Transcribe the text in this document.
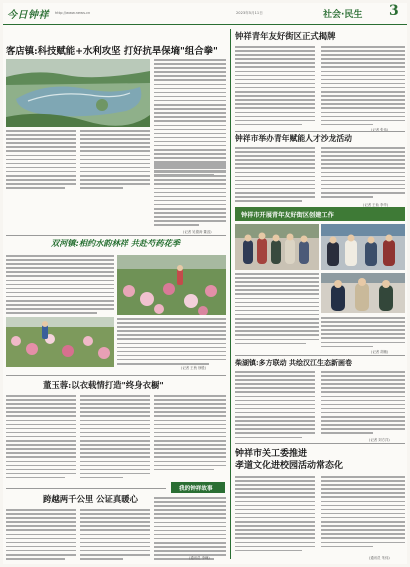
今日钟祥 http://www.news.cn	2023年5月11日	社会·民生 3
客店镇:科技赋能+水利攻坚 打好抗旱保墒"组合拳"
(记者 吴德涛 董蕊)
钟祥青年友好街区正式揭牌
(记者 张伟)
钟祥市举办青年赋能人才沙龙活动
(记者 王仙 李华)
钟祥市开展青年友好街区创建工作
(记者 胡敏)
柴湖镇:多方联动 共绘汉江生态新画卷
(记者 刘方洋)
钟祥市关工委推进
孝道文化进校园活动常态化
(通讯员 朱伟)
双河镇:相约水韵林祥 共赴芍药花季
(记者 王秋 徐胜)
董玉蓉:以衣载情打造"终身衣橱"
我的钟祥故事
跨越两千公里 公证真暖心
(通讯员 李峰)
